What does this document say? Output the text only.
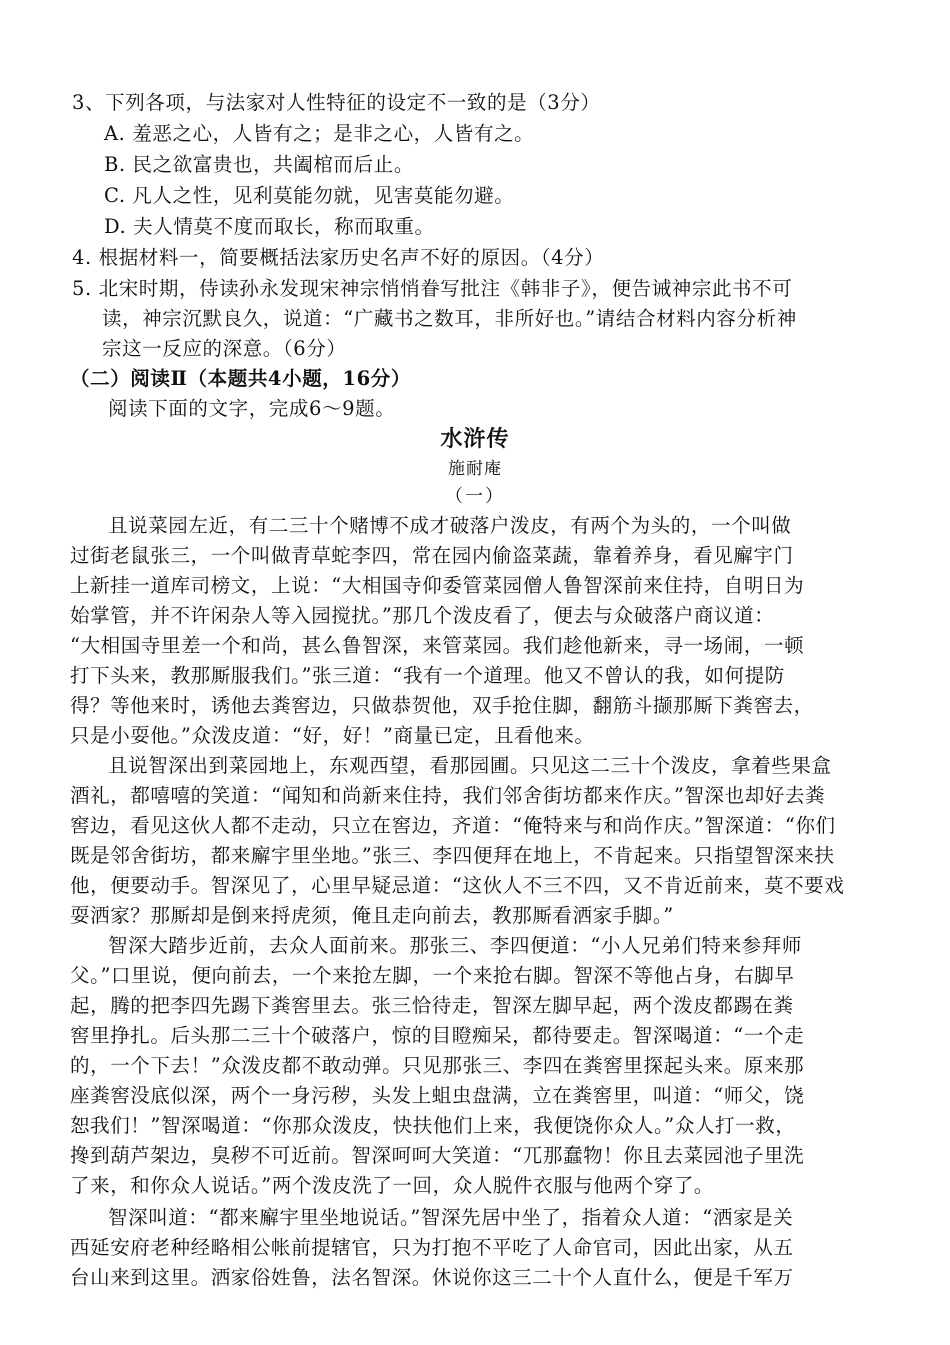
3、下列各项，与法家对人性特征的设定不一致的是（3分）
A. 羞恶之心，人皆有之；是非之心，人皆有之。
B. 民之欲富贵也，共阖棺而后止。
C. 凡人之性，见利莫能勿就，见害莫能勿避。
D. 夫人情莫不度而取长，称而取重。
4. 根据材料一，简要概括法家历史名声不好的原因。（4分）
5. 北宋时期，侍读孙永发现宋神宗悄悄眷写批注《韩非子》，便告诫神宗此书不可
读，神宗沉默良久，说道：“广藏书之数耳，非所好也。”请结合材料内容分析神
宗这一反应的深意。（6分）
（二）阅读Ⅱ（本题共4小题，16分）
阅读下面的文字，完成6～9题。
水浒传
施耐庵
（一）
且说菜园左近，有二三十个赌博不成才破落户泼皮，有两个为头的，一个叫做
过街老鼠张三，一个叫做青草蛇李四，常在园内偷盗菜蔬，靠着养身，看见廨宇门
上新挂一道库司榜文，上说：“大相国寺仰委管菜园僧人鲁智深前来住持，自明日为
始掌管，并不许闲杂人等入园搅扰。”那几个泼皮看了，便去与众破落户商议道：
“大相国寺里差一个和尚，甚么鲁智深，来管菜园。我们趁他新来，寻一场闹，一顿
打下头来，教那厮服我们。”张三道：“我有一个道理。他又不曾认的我，如何提防
得？等他来时，诱他去粪窖边，只做恭贺他，双手抢住脚，翻筋斗撷那厮下粪窖去，
只是小耍他。”众泼皮道：“好，好！”商量已定，且看他来。
且说智深出到菜园地上，东观西望，看那园圃。只见这二三十个泼皮，拿着些果盒
酒礼，都嘻嘻的笑道：“闻知和尚新来住持，我们邻舍街坊都来作庆。”智深也却好去粪
窖边，看见这伙人都不走动，只立在窖边，齐道：“俺特来与和尚作庆。”智深道：“你们
既是邻舍街坊，都来廨宇里坐地。”张三、李四便拜在地上，不肯起来。只指望智深来扶
他，便要动手。智深见了，心里早疑忌道：“这伙人不三不四，又不肯近前来，莫不要戏
耍洒家？那厮却是倒来捋虎须，俺且走向前去，教那厮看洒家手脚。”
智深大踏步近前，去众人面前来。那张三、李四便道：“小人兄弟们特来参拜师
父。”口里说，便向前去，一个来抢左脚，一个来抢右脚。智深不等他占身，右脚早
起，腾的把李四先踢下粪窖里去。张三恰待走，智深左脚早起，两个泼皮都踢在粪
窖里挣扎。后头那二三十个破落户，惊的目瞪痴呆，都待要走。智深喝道：“一个走
的，一个下去！”众泼皮都不敢动弹。只见那张三、李四在粪窖里探起头来。原来那
座粪窖没底似深，两个一身污秽，头发上蛆虫盘满，立在粪窖里，叫道：“师父，饶
恕我们！”智深喝道：“你那众泼皮，快扶他们上来，我便饶你众人。”众人打一救，
搀到葫芦架边，臭秽不可近前。智深呵呵大笑道：“兀那蠢物！你且去菜园池子里洗
了来，和你众人说话。”两个泼皮洗了一回，众人脱件衣服与他两个穿了。
智深叫道：“都来廨宇里坐地说话。”智深先居中坐了，指着众人道：“洒家是关
西延安府老种经略相公帐前提辖官，只为打抱不平吃了人命官司，因此出家，从五
台山来到这里。洒家俗姓鲁，法名智深。休说你这三二十个人直什么，便是千军万
